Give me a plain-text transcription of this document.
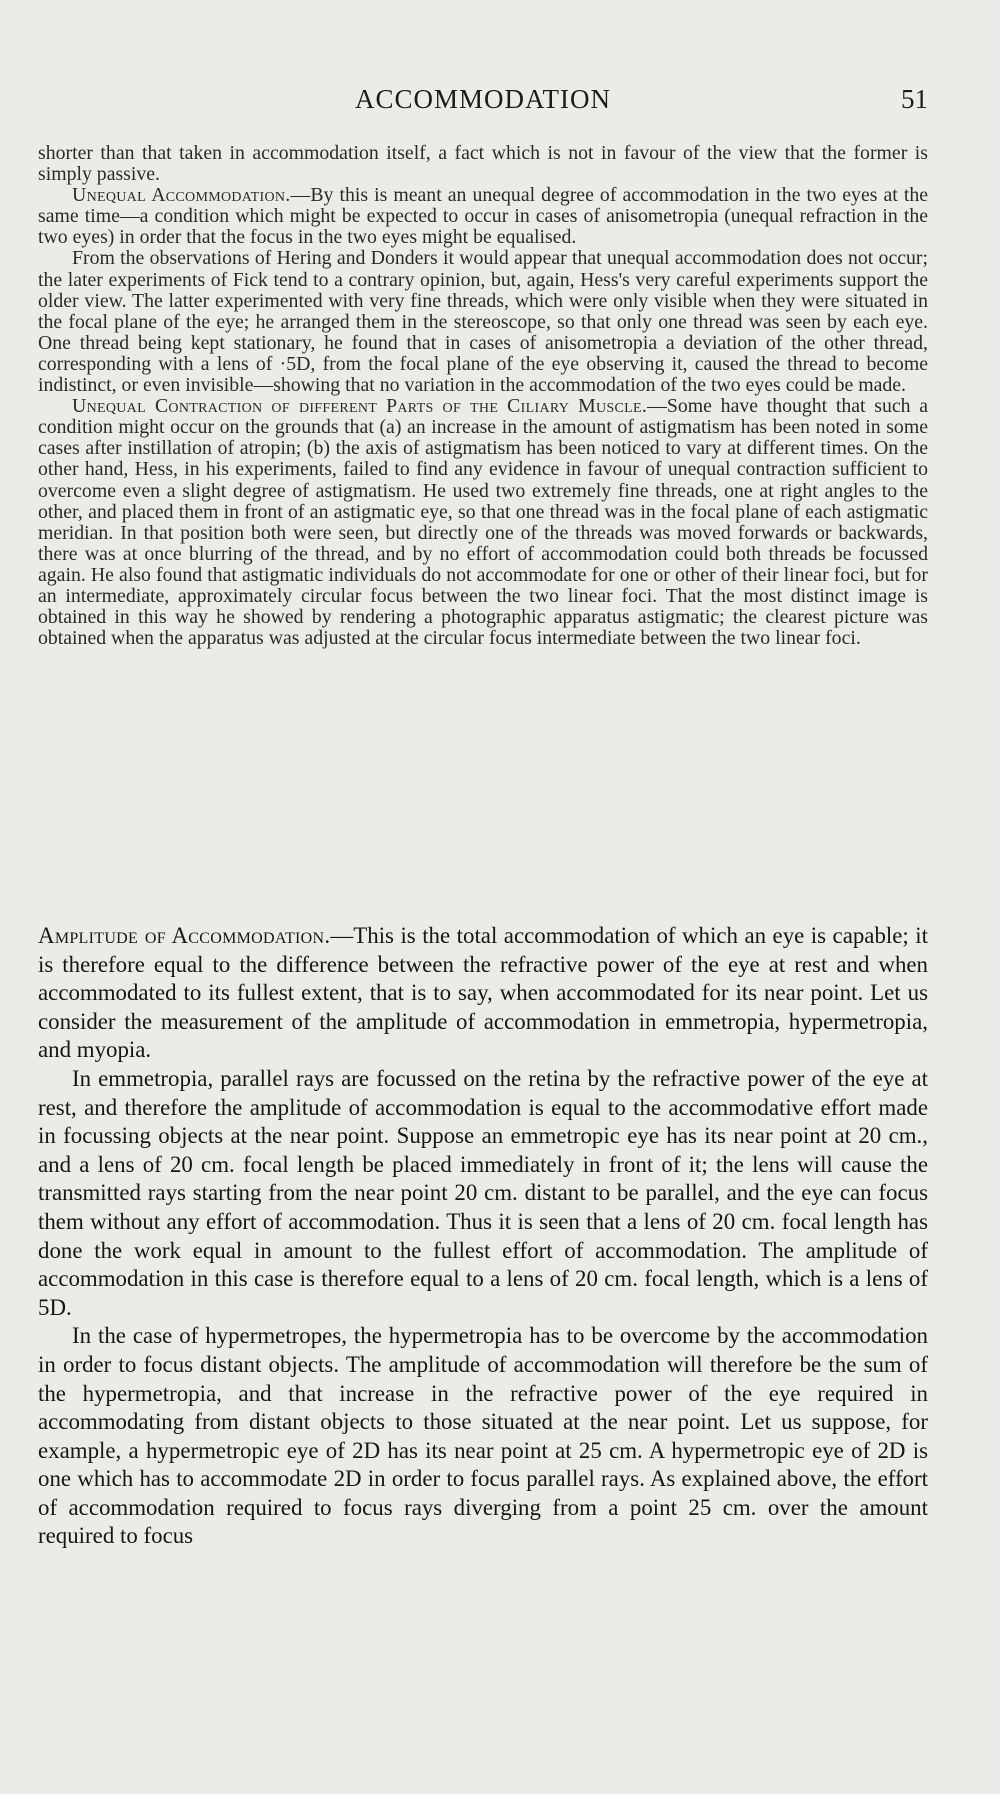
ACCOMMODATION	51

shorter than that taken in accommodation itself, a fact which is not in favour of the view that the former is simply passive.

Unequal Accommodation.—By this is meant an unequal degree of accommodation in the two eyes at the same time—a condition which might be expected to occur in cases of anisometropia (unequal refraction in the two eyes) in order that the focus in the two eyes might be equalised.

From the observations of Hering and Donders it would appear that unequal accommodation does not occur; the later experiments of Fick tend to a contrary opinion, but, again, Hess's very careful experiments support the older view. The latter experimented with very fine threads, which were only visible when they were situated in the focal plane of the eye; he arranged them in the stereoscope, so that only one thread was seen by each eye. One thread being kept stationary, he found that in cases of anisometropia a deviation of the other thread, corresponding with a lens of ·5D, from the focal plane of the eye observing it, caused the thread to become indistinct, or even invisible—showing that no variation in the accommodation of the two eyes could be made.

Unequal Contraction of different Parts of the Ciliary Muscle.—Some have thought that such a condition might occur on the grounds that (a) an increase in the amount of astigmatism has been noted in some cases after instillation of atropin; (b) the axis of astigmatism has been noticed to vary at different times. On the other hand, Hess, in his experiments, failed to find any evidence in favour of unequal contraction sufficient to overcome even a slight degree of astigmatism. He used two extremely fine threads, one at right angles to the other, and placed them in front of an astigmatic eye, so that one thread was in the focal plane of each astigmatic meridian. In that position both were seen, but directly one of the threads was moved forwards or backwards, there was at once blurring of the thread, and by no effort of accommodation could both threads be focussed again. He also found that astigmatic individuals do not accommodate for one or other of their linear foci, but for an intermediate, approximately circular focus between the two linear foci. That the most distinct image is obtained in this way he showed by rendering a photographic apparatus astigmatic; the clearest picture was obtained when the apparatus was adjusted at the circular focus intermediate between the two linear foci.

Amplitude of Accommodation.—This is the total accommodation of which an eye is capable; it is therefore equal to the difference between the refractive power of the eye at rest and when accommodated to its fullest extent, that is to say, when accommodated for its near point. Let us consider the measurement of the amplitude of accommodation in emmetropia, hypermetropia, and myopia.

In emmetropia, parallel rays are focussed on the retina by the refractive power of the eye at rest, and therefore the amplitude of accommodation is equal to the accommodative effort made in focussing objects at the near point. Suppose an emmetropic eye has its near point at 20 cm., and a lens of 20 cm. focal length be placed immediately in front of it; the lens will cause the transmitted rays starting from the near point 20 cm. distant to be parallel, and the eye can focus them without any effort of accommodation. Thus it is seen that a lens of 20 cm. focal length has done the work equal in amount to the fullest effort of accommodation. The amplitude of accommodation in this case is therefore equal to a lens of 20 cm. focal length, which is a lens of 5D.

In the case of hypermetropes, the hypermetropia has to be overcome by the accommodation in order to focus distant objects. The amplitude of accommodation will therefore be the sum of the hypermetropia, and that increase in the refractive power of the eye required in accommodating from distant objects to those situated at the near point. Let us suppose, for example, a hypermetropic eye of 2D has its near point at 25 cm. A hypermetropic eye of 2D is one which has to accommodate 2D in order to focus parallel rays. As explained above, the effort of accommodation required to focus rays diverging from a point 25 cm. over the amount required to focus
